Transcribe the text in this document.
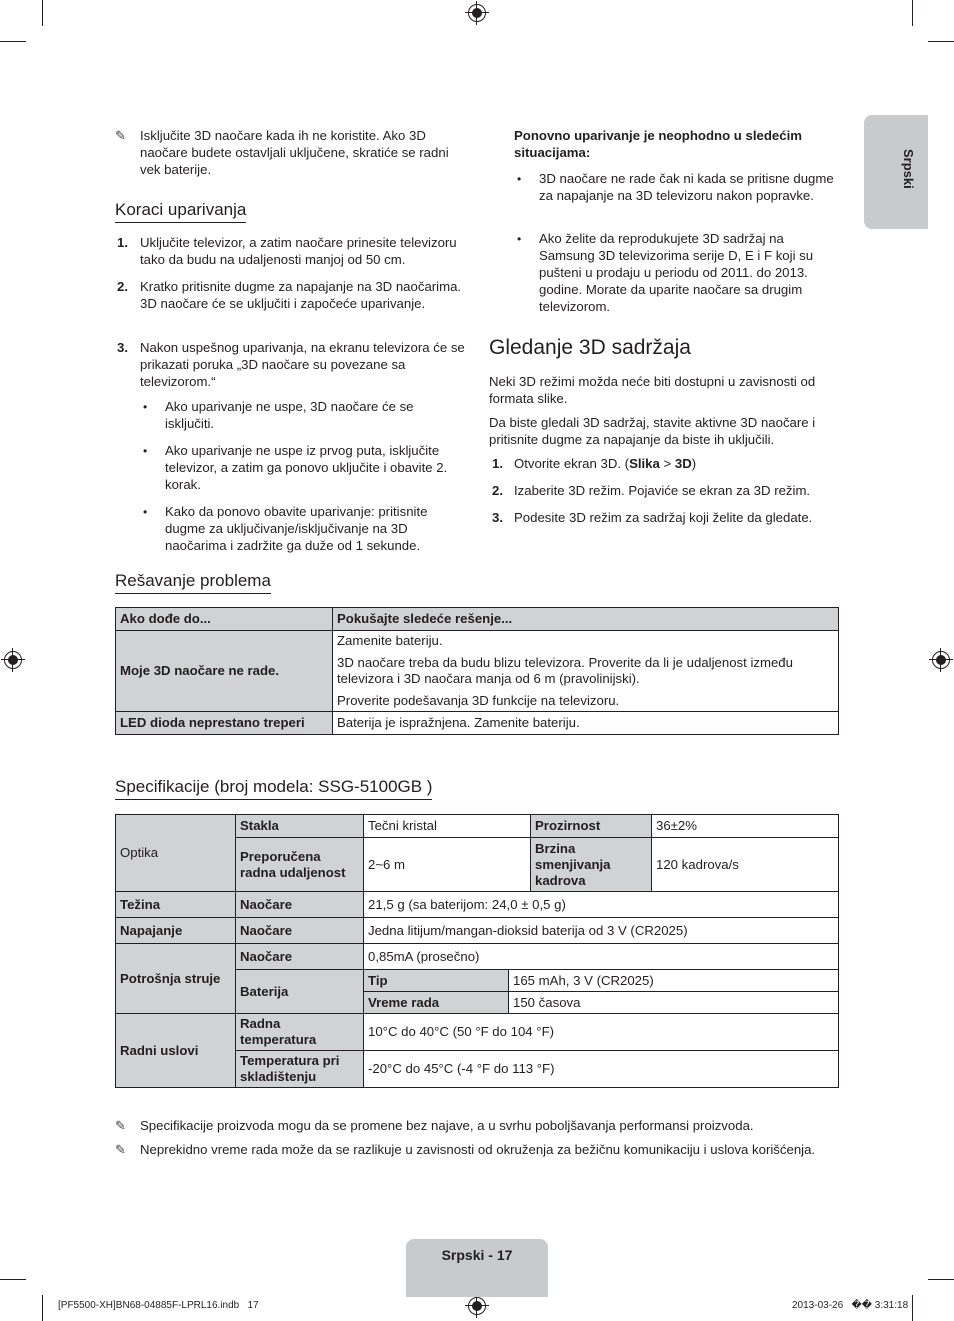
Srpski
✎ Isključite 3D naočare kada ih ne koristite. Ako 3D naočare budete ostavljali uključene, skratiće se radni vek baterije.
Koraci uparivanja
1. Uključite televizor, a zatim naočare prinesite televizoru tako da budu na udaljenosti manjoj od 50 cm.
2. Kratko pritisnite dugme za napajanje na 3D naočarima. 3D naočare će se uključiti i započeće uparivanje.
3. Nakon uspešnog uparivanja, na ekranu televizora će se prikazati poruka „3D naočare su povezane sa televizorom.“
• Ako uparivanje ne uspe, 3D naočare će se isključiti.
• Ako uparivanje ne uspe iz prvog puta, isključite televizor, a zatim ga ponovo uključite i obavite 2. korak.
• Kako da ponovo obavite uparivanje: pritisnite dugme za uključivanje/isključivanje na 3D naočarima i zadržite ga duže od 1 sekunde.
Ponovno uparivanje je neophodno u sledećim situacijama:
• 3D naočare ne rade čak ni kada se pritisne dugme za napajanje na 3D televizoru nakon popravke.
• Ako želite da reprodukujete 3D sadržaj na Samsung 3D televizorima serije D, E i F koji su pušteni u prodaju u periodu od 2011. do 2013. godine. Morate da uparite naočare sa drugim televizorom.
Gledanje 3D sadržaja
Neki 3D režimi možda neće biti dostupni u zavisnosti od formata slike.
Da biste gledali 3D sadržaj, stavite aktivne 3D naočare i pritisnite dugme za napajanje da biste ih uključili.
1. Otvorite ekran 3D. (Slika > 3D)
2. Izaberite 3D režim. Pojaviće se ekran za 3D režim.
3. Podesite 3D režim za sadržaj koji želite da gledate.
Rešavanje problema
Ako dođe do...	Pokušajte sledeće rešenje...
Moje 3D naočare ne rade.	Zamenite bateriju.
3D naočare treba da budu blizu televizora. Proverite da li je udaljenost između televizora i 3D naočara manja od 6 m (pravolinijski).
Proverite podešavanja 3D funkcije na televizoru.

LED dioda neprestano treperi	Baterija je ispražnjena. Zamenite bateriju.
Specifikacije (broj modela: SSG-5100GB )
Optika	Stakla	Tečni kristal		Prozirnost	36±2%
	Preporučena radna udaljenost	2~6 m		Brzina smenjivanja kadrova	120 kadrova/s
Težina	Naočare	21,5 g (sa baterijom: 24,0 ± 0,5 g)			
Napajanje	Naočare	Jedna litijum/mangan-dioksid baterija od 3 V (CR2025)			
Potrošnja struje	Naočare	0,85mA (prosečno)			
	Baterija	Tip	165 mAh, 3 V (CR2025)		
		Vreme rada	150 časova		
Radni uslovi	Radna temperatura	10°C do 40°C (50 °F do 104 °F)			
	Temperatura pri skladištenju	-20°C do 45°C (-4 °F do 113 °F)			
✎ Specifikacije proizvoda mogu da se promene bez najave, a u svrhu poboljšavanja performansi proizvoda.
✎ Neprekidno vreme rada može da se razlikuje u zavisnosti od okruženja za bežičnu komunikaciju i uslova korišćenja.
Srpski - 17
[PF5500-XH]BN68-04885F-LPRL16.indb   17	2013-03-26   �� 3:31:18
